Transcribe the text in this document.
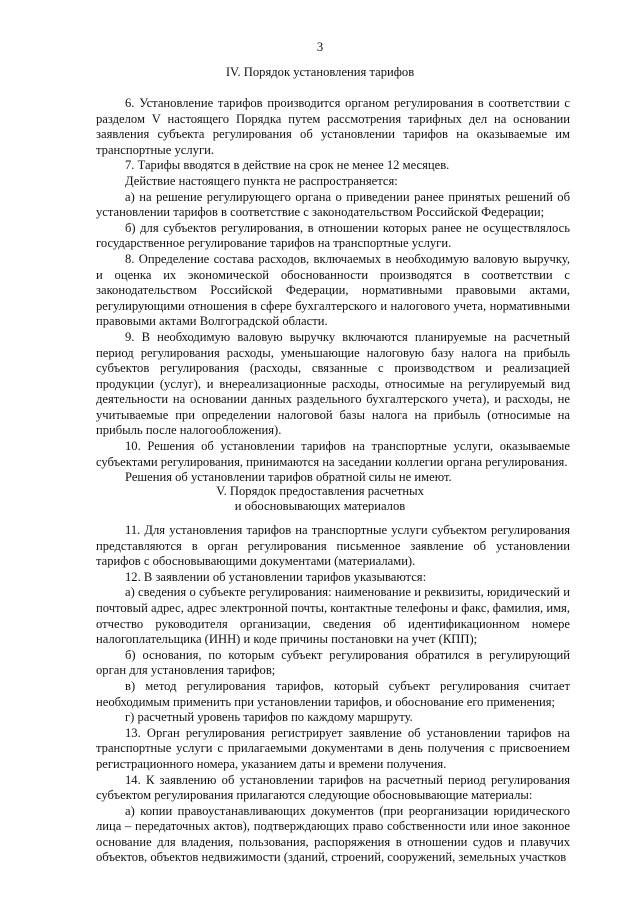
3
IV. Порядок установления тарифов

6. Установление тарифов производится органом регулирования в соответствии с разделом V настоящего Порядка путем рассмотрения тарифных дел на основании заявления субъекта регулирования об установлении тарифов на оказываемые им транспортные услуги.

7. Тарифы вводятся в действие на срок не менее 12 месяцев.

Действие настоящего пункта не распространяется:

а) на решение регулирующего органа о приведении ранее принятых решений об установлении тарифов в соответствие с законодательством Российской Федерации;

б) для субъектов регулирования, в отношении которых ранее не осуществлялось государственное регулирование тарифов на транспортные услуги.

8. Определение состава расходов, включаемых в необходимую валовую выручку, и оценка их экономической обоснованности производятся в соответствии с законодательством Российской Федерации, нормативными правовыми актами, регулирующими отношения в сфере бухгалтерского и налогового учета, нормативными правовыми актами Волгоградской области.

9. В необходимую валовую выручку включаются планируемые на расчетный период регулирования расходы, уменьшающие налоговую базу налога на прибыль субъектов регулирования (расходы, связанные с производством и реализацией продукции (услуг), и внереализационные расходы, относимые на регулируемый вид деятельности на основании данных раздельного бухгалтерского учета), и расходы, не учитываемые при определении налоговой базы налога на прибыль (относимые на прибыль после налогообложения).

10. Решения об установлении тарифов на транспортные услуги, оказываемые субъектами регулирования, принимаются на заседании коллегии органа регулирования.

Решения об установлении тарифов обратной силы не имеют.

V. Порядок предоставления расчетных
и обосновывающих материалов

11. Для установления тарифов на транспортные услуги субъектом регулирования представляются в орган регулирования письменное заявление об установлении тарифов с обосновывающими документами (материалами).

12. В заявлении об установлении тарифов указываются:

а) сведения о субъекте регулирования: наименование и реквизиты, юридический и почтовый адрес, адрес электронной почты, контактные телефоны и факс, фамилия, имя, отчество руководителя организации, сведения об идентификационном номере налогоплательщика (ИНН) и коде причины постановки на учет (КПП);

б) основания, по которым субъект регулирования обратился в регулирующий орган для установления тарифов;

в) метод регулирования тарифов, который субъект регулирования считает необходимым применить при установлении тарифов, и обоснование его применения;

г) расчетный уровень тарифов по каждому маршруту.

13. Орган регулирования регистрирует заявление об установлении тарифов на транспортные услуги с прилагаемыми документами в день получения с присвоением регистрационного номера, указанием даты и времени получения.

14. К заявлению об установлении тарифов на расчетный период регулирования субъектом регулирования прилагаются следующие обосновывающие материалы:

а) копии правоустанавливающих документов (при реорганизации юридического лица – передаточных актов), подтверждающих право собственности или иное законное основание для владения, пользования, распоряжения в отношении судов и плавучих объектов, объектов недвижимости (зданий, строений, сооружений, земельных участков
